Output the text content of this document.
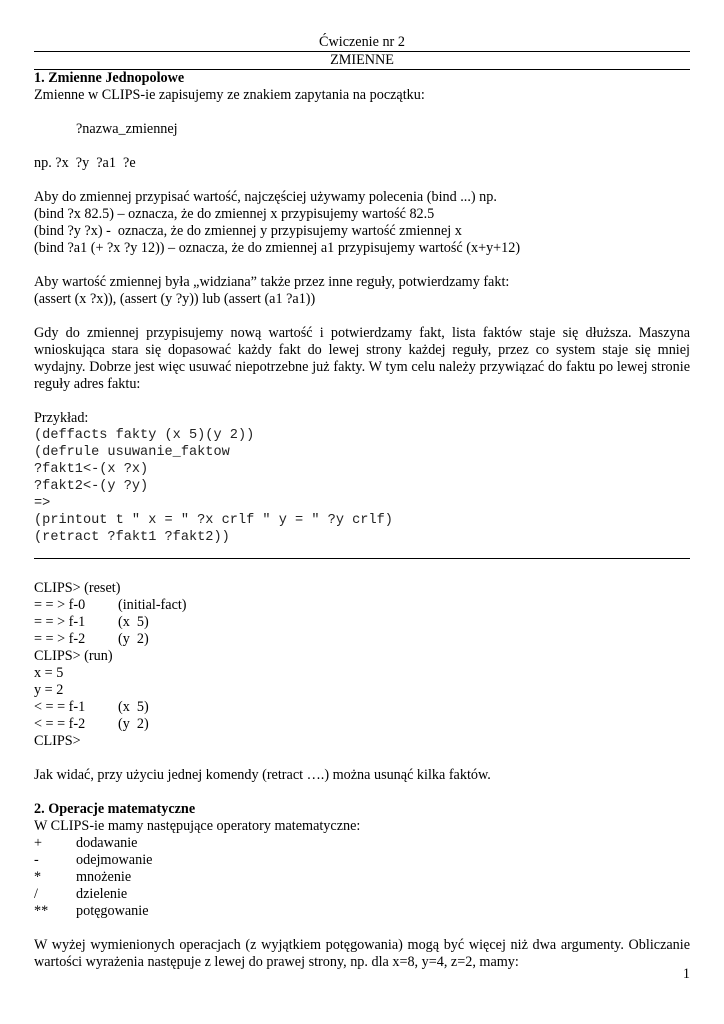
Ćwiczenie nr 2
ZMIENNE
1. Zmienne Jednopolowe
Zmienne w CLIPS-ie zapisujemy ze znakiem zapytania na początku:
?nazwa_zmiennej
np. ?x  ?y  ?a1  ?e
Aby do zmiennej przypisać wartość, najczęściej używamy polecenia (bind ...) np.
(bind ?x 82.5) – oznacza, że do zmiennej x przypisujemy wartość 82.5
(bind ?y ?x) -  oznacza, że do zmiennej y przypisujemy wartość zmiennej x
(bind ?a1 (+ ?x ?y 12)) – oznacza, że do zmiennej a1 przypisujemy wartość (x+y+12)
Aby wartość zmiennej była „widziana” także przez inne reguły, potwierdzamy fakt:
(assert (x ?x)), (assert (y ?y)) lub (assert (a1 ?a1))
Gdy do zmiennej przypisujemy nową wartość i potwierdzamy fakt, lista faktów staje się dłuższa. Maszyna wnioskująca stara się dopasować każdy fakt do lewej strony każdej reguły, przez co system staje się mniej wydajny. Dobrze jest więc usuwać niepotrzebne już fakty. W tym celu należy przywiązać do faktu po lewej stronie reguły adres faktu:
Przykład:
(deffacts fakty (x 5)(y 2))
(defrule usuwanie_faktow
?fakt1<-(x ?x)
?fakt2<-(y ?y)
=>
(printout t " x = " ?x crlf " y = " ?y crlf)
(retract ?fakt1 ?fakt2))
CLIPS> (reset)
= = > f-0	(initial-fact)
= = > f-1	(x  5)
= = > f-2	(y  2)
CLIPS> (run)
x = 5
y = 2
< = = f-1	(x  5)
< = = f-2	(y  2)
CLIPS>
Jak widać, przy użyciu jednej komendy (retract ….) można usunąć kilka faktów.
2. Operacje matematyczne
W CLIPS-ie mamy następujące operatory matematyczne:
+	dodawanie
-	odejmowanie
*	mnożenie
/	dzielenie
**	potęgowanie
W wyżej wymienionych operacjach (z wyjątkiem potęgowania) mogą być więcej niż dwa argumenty. Obliczanie wartości wyrażenia następuje z lewej do prawej strony, np. dla x=8, y=4, z=2, mamy:
1
